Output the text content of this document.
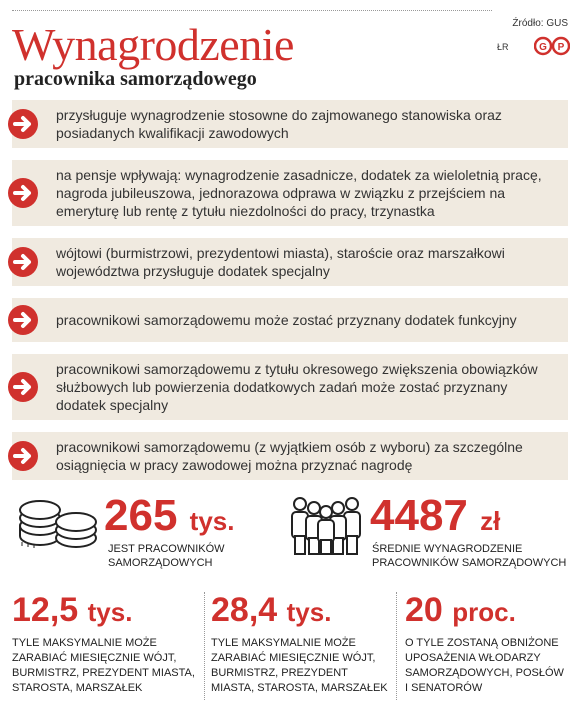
Wynagrodzenie
pracownika samorządowego
Źródło: GUS
ŁR	G P
przysługuje wynagrodzenie stosowne do zajmowanego stanowiska oraz posiadanych kwalifikacji zawodowych
na pensje wpływają: wynagrodzenie zasadnicze, dodatek za wieloletnią pracę, nagroda jubileuszowa, jednorazowa odprawa w związku z przejściem na emeryturę lub rentę z tytułu niezdolności do pracy, trzynastka
wójtowi (burmistrzowi, prezydentowi miasta), staroście oraz marszałkowi województwa przysługuje dodatek specjalny
pracownikowi samorządowemu może zostać przyznany dodatek funkcyjny
pracownikowi samorządowemu z tytułu okresowego zwiększenia obowiązków służbowych lub powierzenia dodatkowych zadań może zostać przyznany dodatek specjalny
pracownikowi samorządowemu (z wyjątkiem osób z wyboru) za szczególne osiągnięcia w pracy zawodowej można przyznać nagrodę
265 tys.
JEST PRACOWNIKÓW SAMORZĄDOWYCH
4487 zł
ŚREDNIE WYNAGRODZENIE PRACOWNIKÓW SAMORZĄDOWYCH
12,5 tys.
TYLE MAKSYMALNIE MOŻE ZARABIAĆ MIESIĘCZNIE WÓJT, BURMISTRZ, PREZYDENT MIASTA, STAROSTA, MARSZAŁEK
28,4 tys.
TYLE MAKSYMALNIE MOŻE ZARABIAĆ MIESIĘCZNIE WÓJT, BURMISTRZ, PREZYDENT MIASTA, STAROSTA, MARSZAŁEK
20 proc.
O TYLE ZOSTANĄ OBNIŻONE UPOSAŻENIA WŁODARZY SAMORZĄDOWYCH, POSŁÓW I SENATORÓW
